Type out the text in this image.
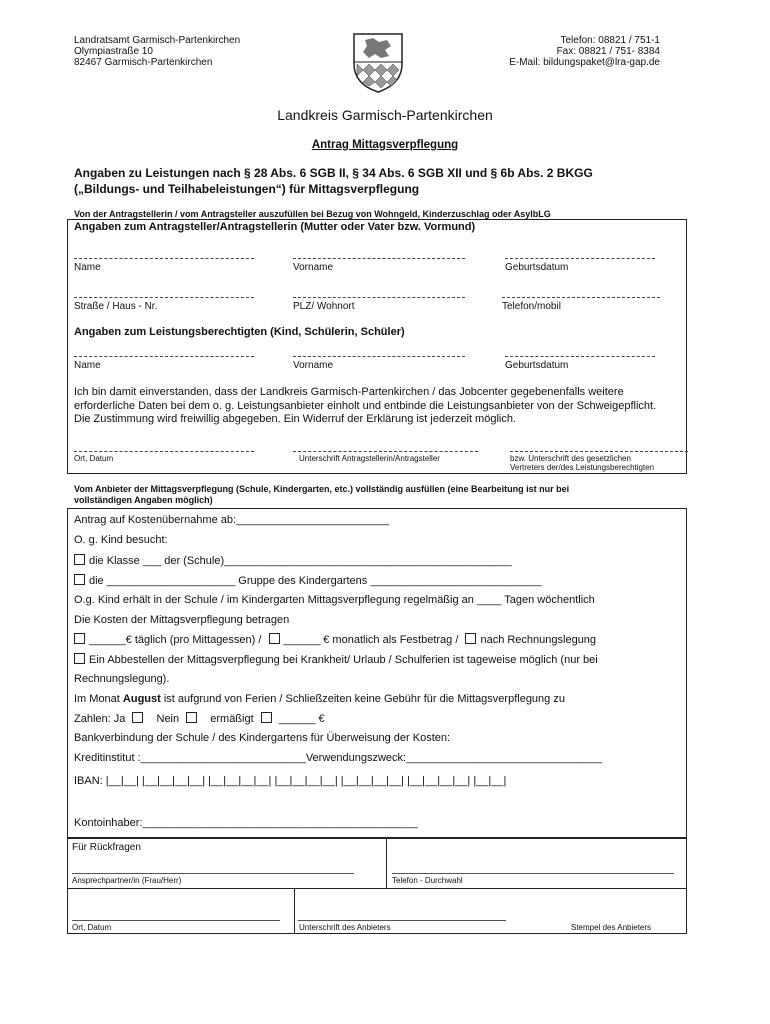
Landratsamt Garmisch-Partenkirchen
Olympiastraße 10
82467 Garmisch-Partenkirchen
Telefon: 08821 / 751-1
Fax: 08821 / 751- 8384
E-Mail: bildungspaket@lra-gap.de
Landkreis Garmisch-Partenkirchen
Antrag Mittagsverpflegung
Angaben zu Leistungen nach § 28 Abs. 6 SGB II, § 34 Abs. 6 SGB XII und § 6b Abs. 2 BKGG
(„Bildungs- und Teilhabeleistungen“) für Mittagsverpflegung
Von der Antragstellerin / vom Antragsteller auszufüllen bei Bezug von Wohngeld, Kinderzuschlag oder AsylbLG
Angaben zum Antragsteller/Antragstellerin (Mutter oder Vater bzw. Vormund)
Name	Vorname	Geburtsdatum
Straße / Haus - Nr.	PLZ/ Wohnort	Telefon/mobil
Angaben zum Leistungsberechtigten (Kind, Schülerin, Schüler)
Name	Vorname	Geburtsdatum
Ich bin damit einverstanden, dass der Landkreis Garmisch-Partenkirchen / das Jobcenter gegebenenfalls weitere
erforderliche Daten bei dem o. g. Leistungsanbieter einholt und entbinde die Leistungsanbieter von der Schweigepflicht.
Die Zustimmung wird freiwillig abgegeben. Ein Widerruf der Erklärung ist jederzeit möglich.
Ort, Datum	Unterschrift Antragstellerin/Antragsteller	bzw. Unterschrift des gesetzlichen
Vertreters der/des Leistungsberechtigten
Vom Anbieter der Mittagsverpflegung (Schule, Kindergarten, etc.) vollständig ausfüllen (eine Bearbeitung ist nur bei
vollständigen Angaben möglich)
Antrag auf Kostenübernahme ab:_________________________
O. g. Kind besucht:
die Klasse ___ der (Schule)_______________________________________________
die _____________________ Gruppe des Kindergartens ____________________________
O.g. Kind erhält in der Schule / im Kindergarten Mittagsverpflegung regelmäßig an ____ Tagen wöchentlich
Die Kosten der Mittagsverpflegung betragen
______€ täglich (pro Mittagessen) / ______ € monatlich als Festbetrag / nach Rechnungslegung
Ein Abbestellen der Mittagsverpflegung bei Krankheit/ Urlaub / Schulferien ist tageweise möglich (nur bei
Rechnungslegung).
Im Monat August ist aufgrund von Ferien / Schließzeiten keine Gebühr für die Mittagsverpflegung zu
Zahlen: Ja	Nein	ermäßigt ______ €
Bankverbindung der Schule / des Kindergartens für Überweisung der Kosten:
Kreditinstitut :___________________________Verwendungszweck:________________________________
IBAN: |__|__| |__|__|__|__| |__|__|__|__| |__|__|__|__| |__|__|__|__| |__|__|__|__| |__|__|
Kontoinhaber:_____________________________________________
Für Rückfragen
Ansprechpartner/in (Frau/Herr)	Telefon - Durchwahl
Ort, Datum	Unterschrift des Anbieters	Stempel des Anbieters
